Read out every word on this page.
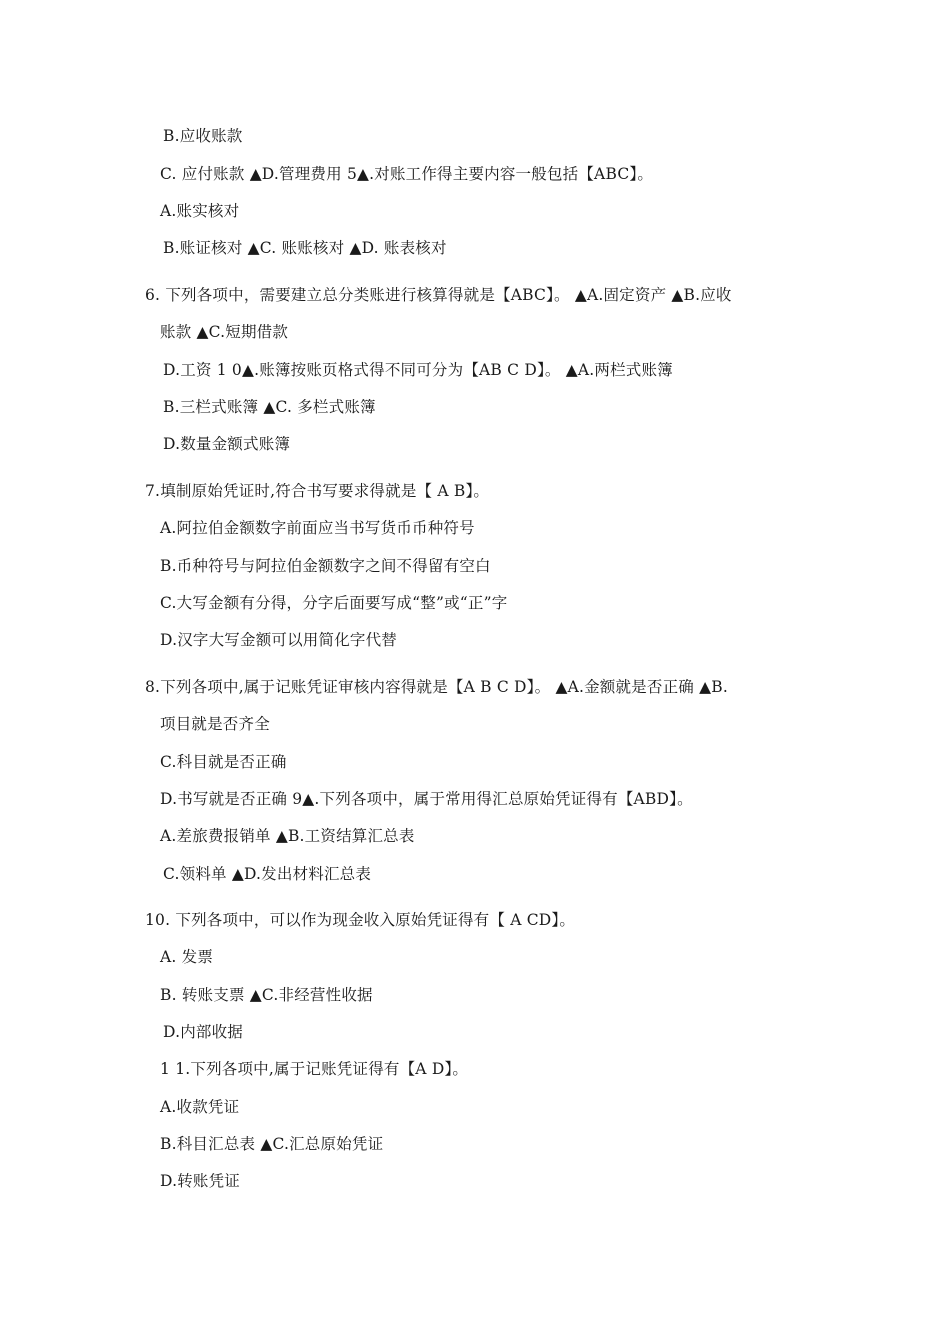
B.应收账款
C. 应付账款 ▲D.管理费用 5▲.对账工作得主要内容一般包括【ABC】。
A.账实核对
B.账证核对 ▲C. 账账核对 ▲D. 账表核对
6. 下列各项中，需要建立总分类账进行核算得就是【ABC】。 ▲A.固定资产 ▲B.应收
账款 ▲C.短期借款
D.工资 1 0▲.账簿按账页格式得不同可分为【AB C D】。 ▲A.两栏式账簿
B.三栏式账簿 ▲C. 多栏式账簿
D.数量金额式账簿
7.填制原始凭证时,符合书写要求得就是【 A B】。
A.阿拉伯金额数字前面应当书写货币币种符号
B.币种符号与阿拉伯金额数字之间不得留有空白
C.大写金额有分得，分字后面要写成“整”或“正”字
D.汉字大写金额可以用简化字代替
8.下列各项中,属于记账凭证审核内容得就是【A B C D】。 ▲A.金额就是否正确 ▲B.
项目就是否齐全
C.科目就是否正确
D.书写就是否正确 9▲.下列各项中，属于常用得汇总原始凭证得有【ABD】。
A.差旅费报销单 ▲B.工资结算汇总表
C.领料单 ▲D.发出材料汇总表
10. 下列各项中，可以作为现金收入原始凭证得有【 A CD】。
A. 发票
B. 转账支票 ▲C.非经营性收据
D.内部收据
1 1.下列各项中,属于记账凭证得有【A D】。
A.收款凭证
B.科目汇总表 ▲C.汇总原始凭证
D.转账凭证
